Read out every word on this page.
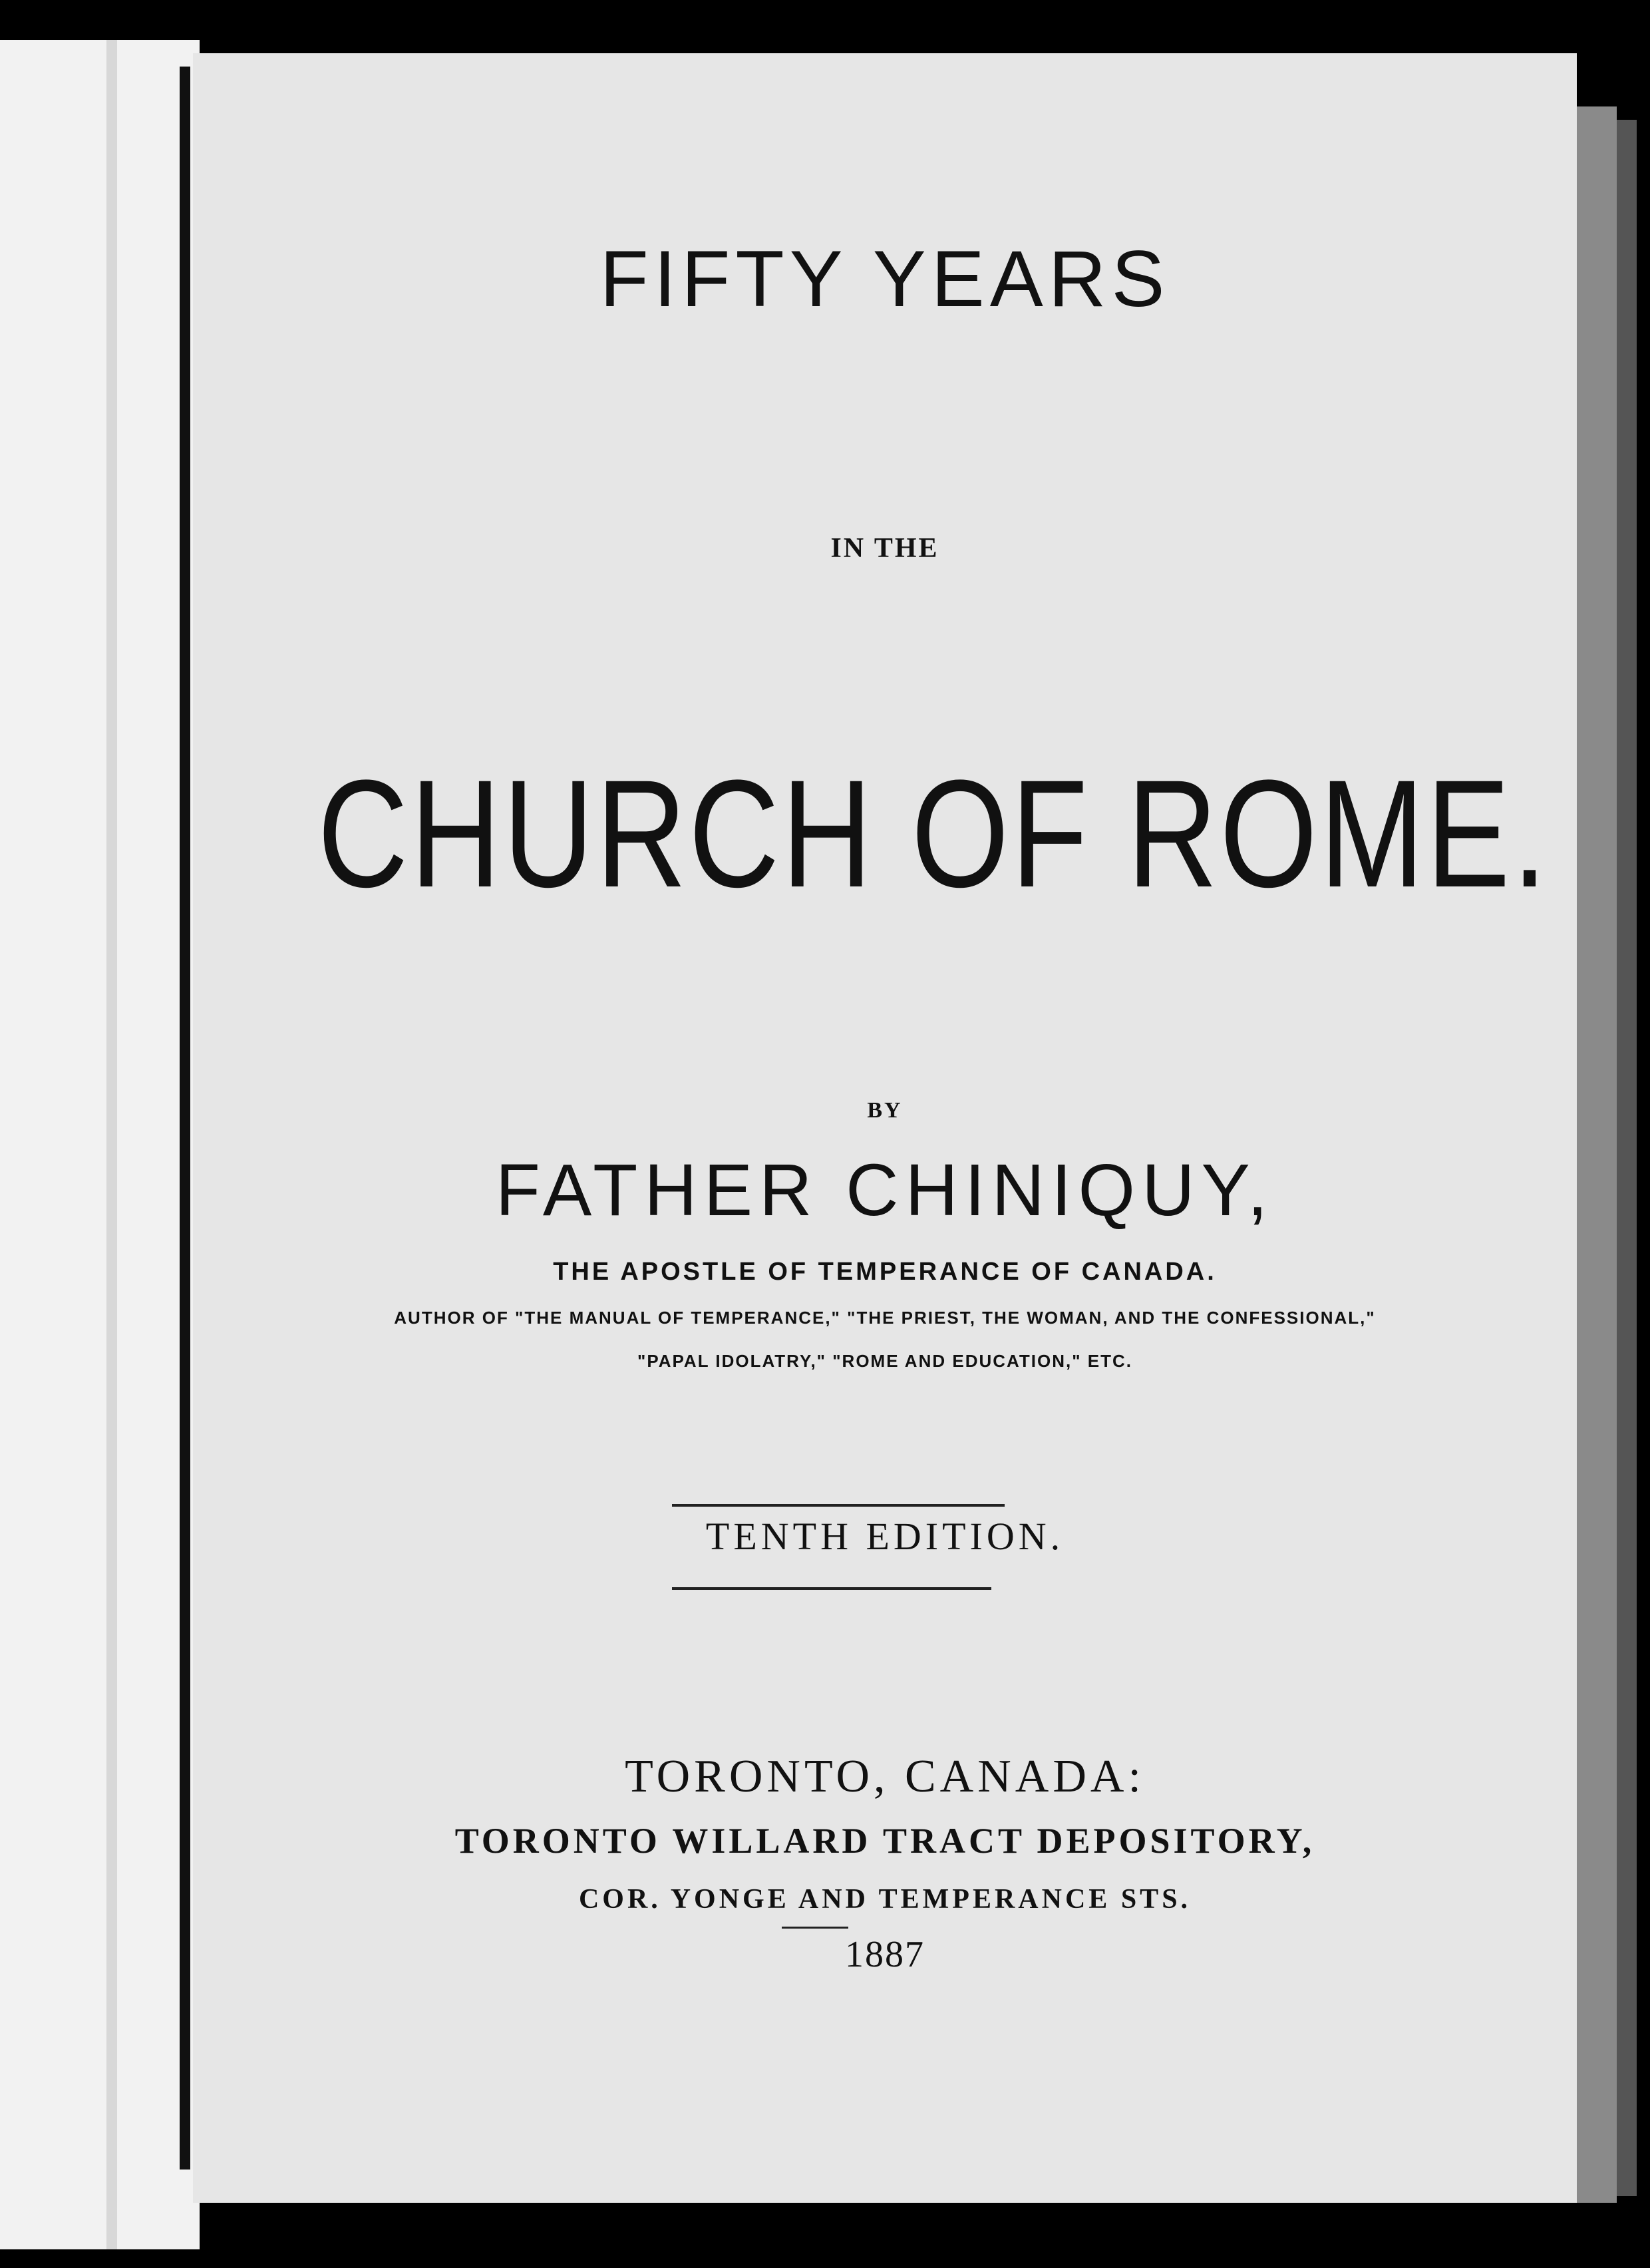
FIFTY YEARS
IN THE
CHURCH OF ROME.
BY
FATHER CHINIQUY,
THE APOSTLE OF TEMPERANCE OF CANADA.
AUTHOR OF "THE MANUAL OF TEMPERANCE," "THE PRIEST, THE WOMAN, AND THE CONFESSIONAL,"
"PAPAL IDOLATRY," "ROME AND EDUCATION," ETC.
TENTH EDITION.
TORONTO, CANADA:
TORONTO WILLARD TRACT DEPOSITORY,
COR. YONGE AND TEMPERANCE STS.
1887
